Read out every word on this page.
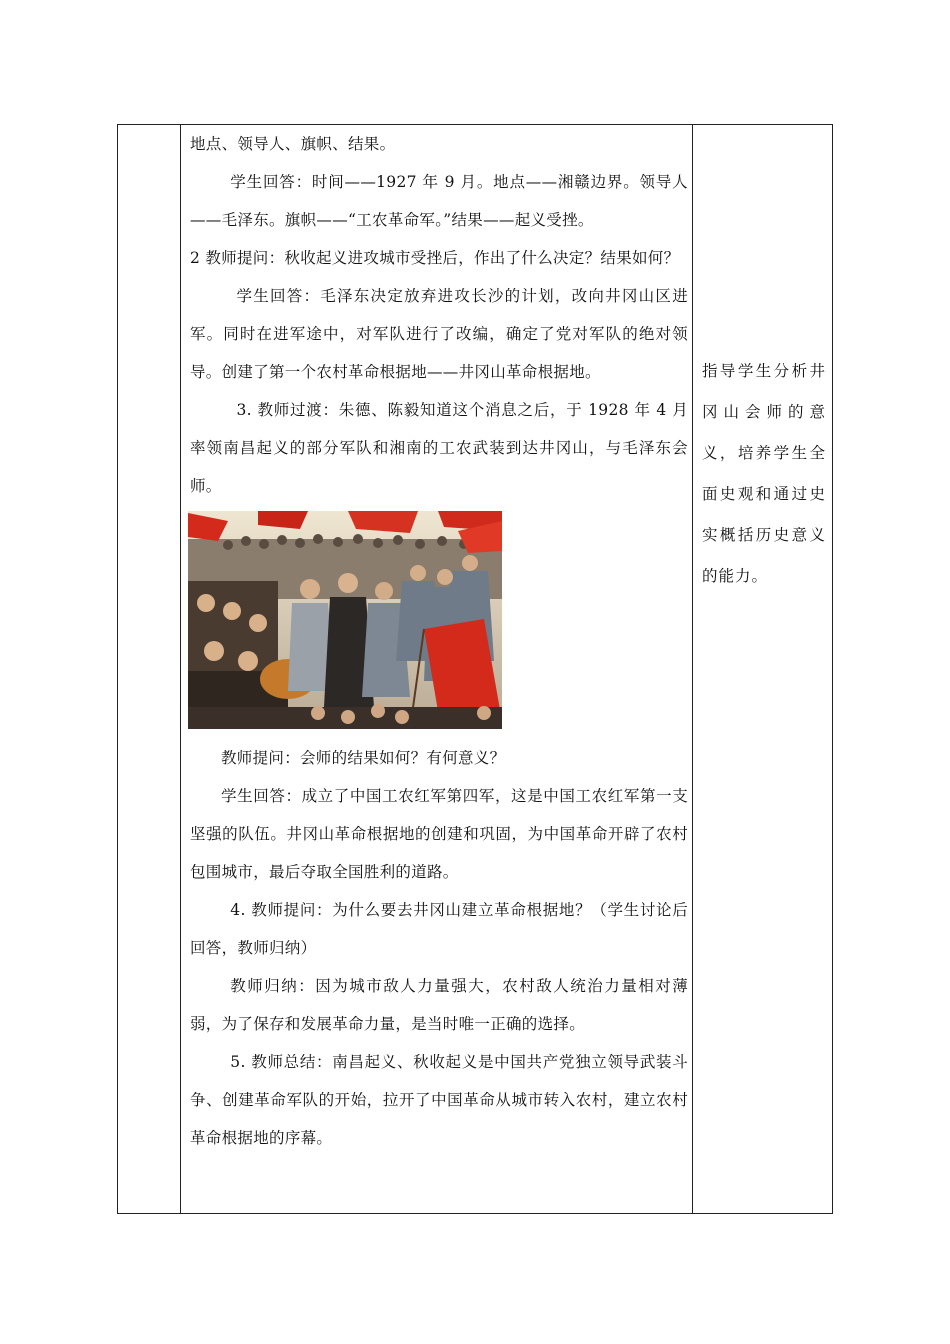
地点、领导人、旗帜、结果。

学生回答：时间——1927 年 9 月。地点——湘赣边界。领导人——毛泽东。旗帜——“工农革命军。”结果——起义受挫。

2 教师提问：秋收起义进攻城市受挫后，作出了什么决定？结果如何？

学生回答：毛泽东决定放弃进攻长沙的计划，改向井冈山区进军。同时在进军途中，对军队进行了改编，确定了党对军队的绝对领导。创建了第一个农村革命根据地——井冈山革命根据地。

3. 教师过渡：朱德、陈毅知道这个消息之后，于 1928 年 4 月率领南昌起义的部分军队和湘南的工农武装到达井冈山，与毛泽东会师。

教师提问：会师的结果如何？有何意义？

学生回答：成立了中国工农红军第四军，这是中国工农红军第一支坚强的队伍。井冈山革命根据地的创建和巩固，为中国革命开辟了农村包围城市，最后夺取全国胜利的道路。

4. 教师提问：为什么要去井冈山建立革命根据地？（学生讨论后回答，教师归纳）

教师归纳：因为城市敌人力量强大，农村敌人统治力量相对薄弱，为了保存和发展革命力量，是当时唯一正确的选择。

5. 教师总结：南昌起义、秋收起义是中国共产党独立领导武装斗争、创建革命军队的开始，拉开了中国革命从城市转入农村，建立农村革命根据地的序幕。

指导学生分析井冈山会师的意义，培养学生全面史观和通过史实概括历史意义的能力。
